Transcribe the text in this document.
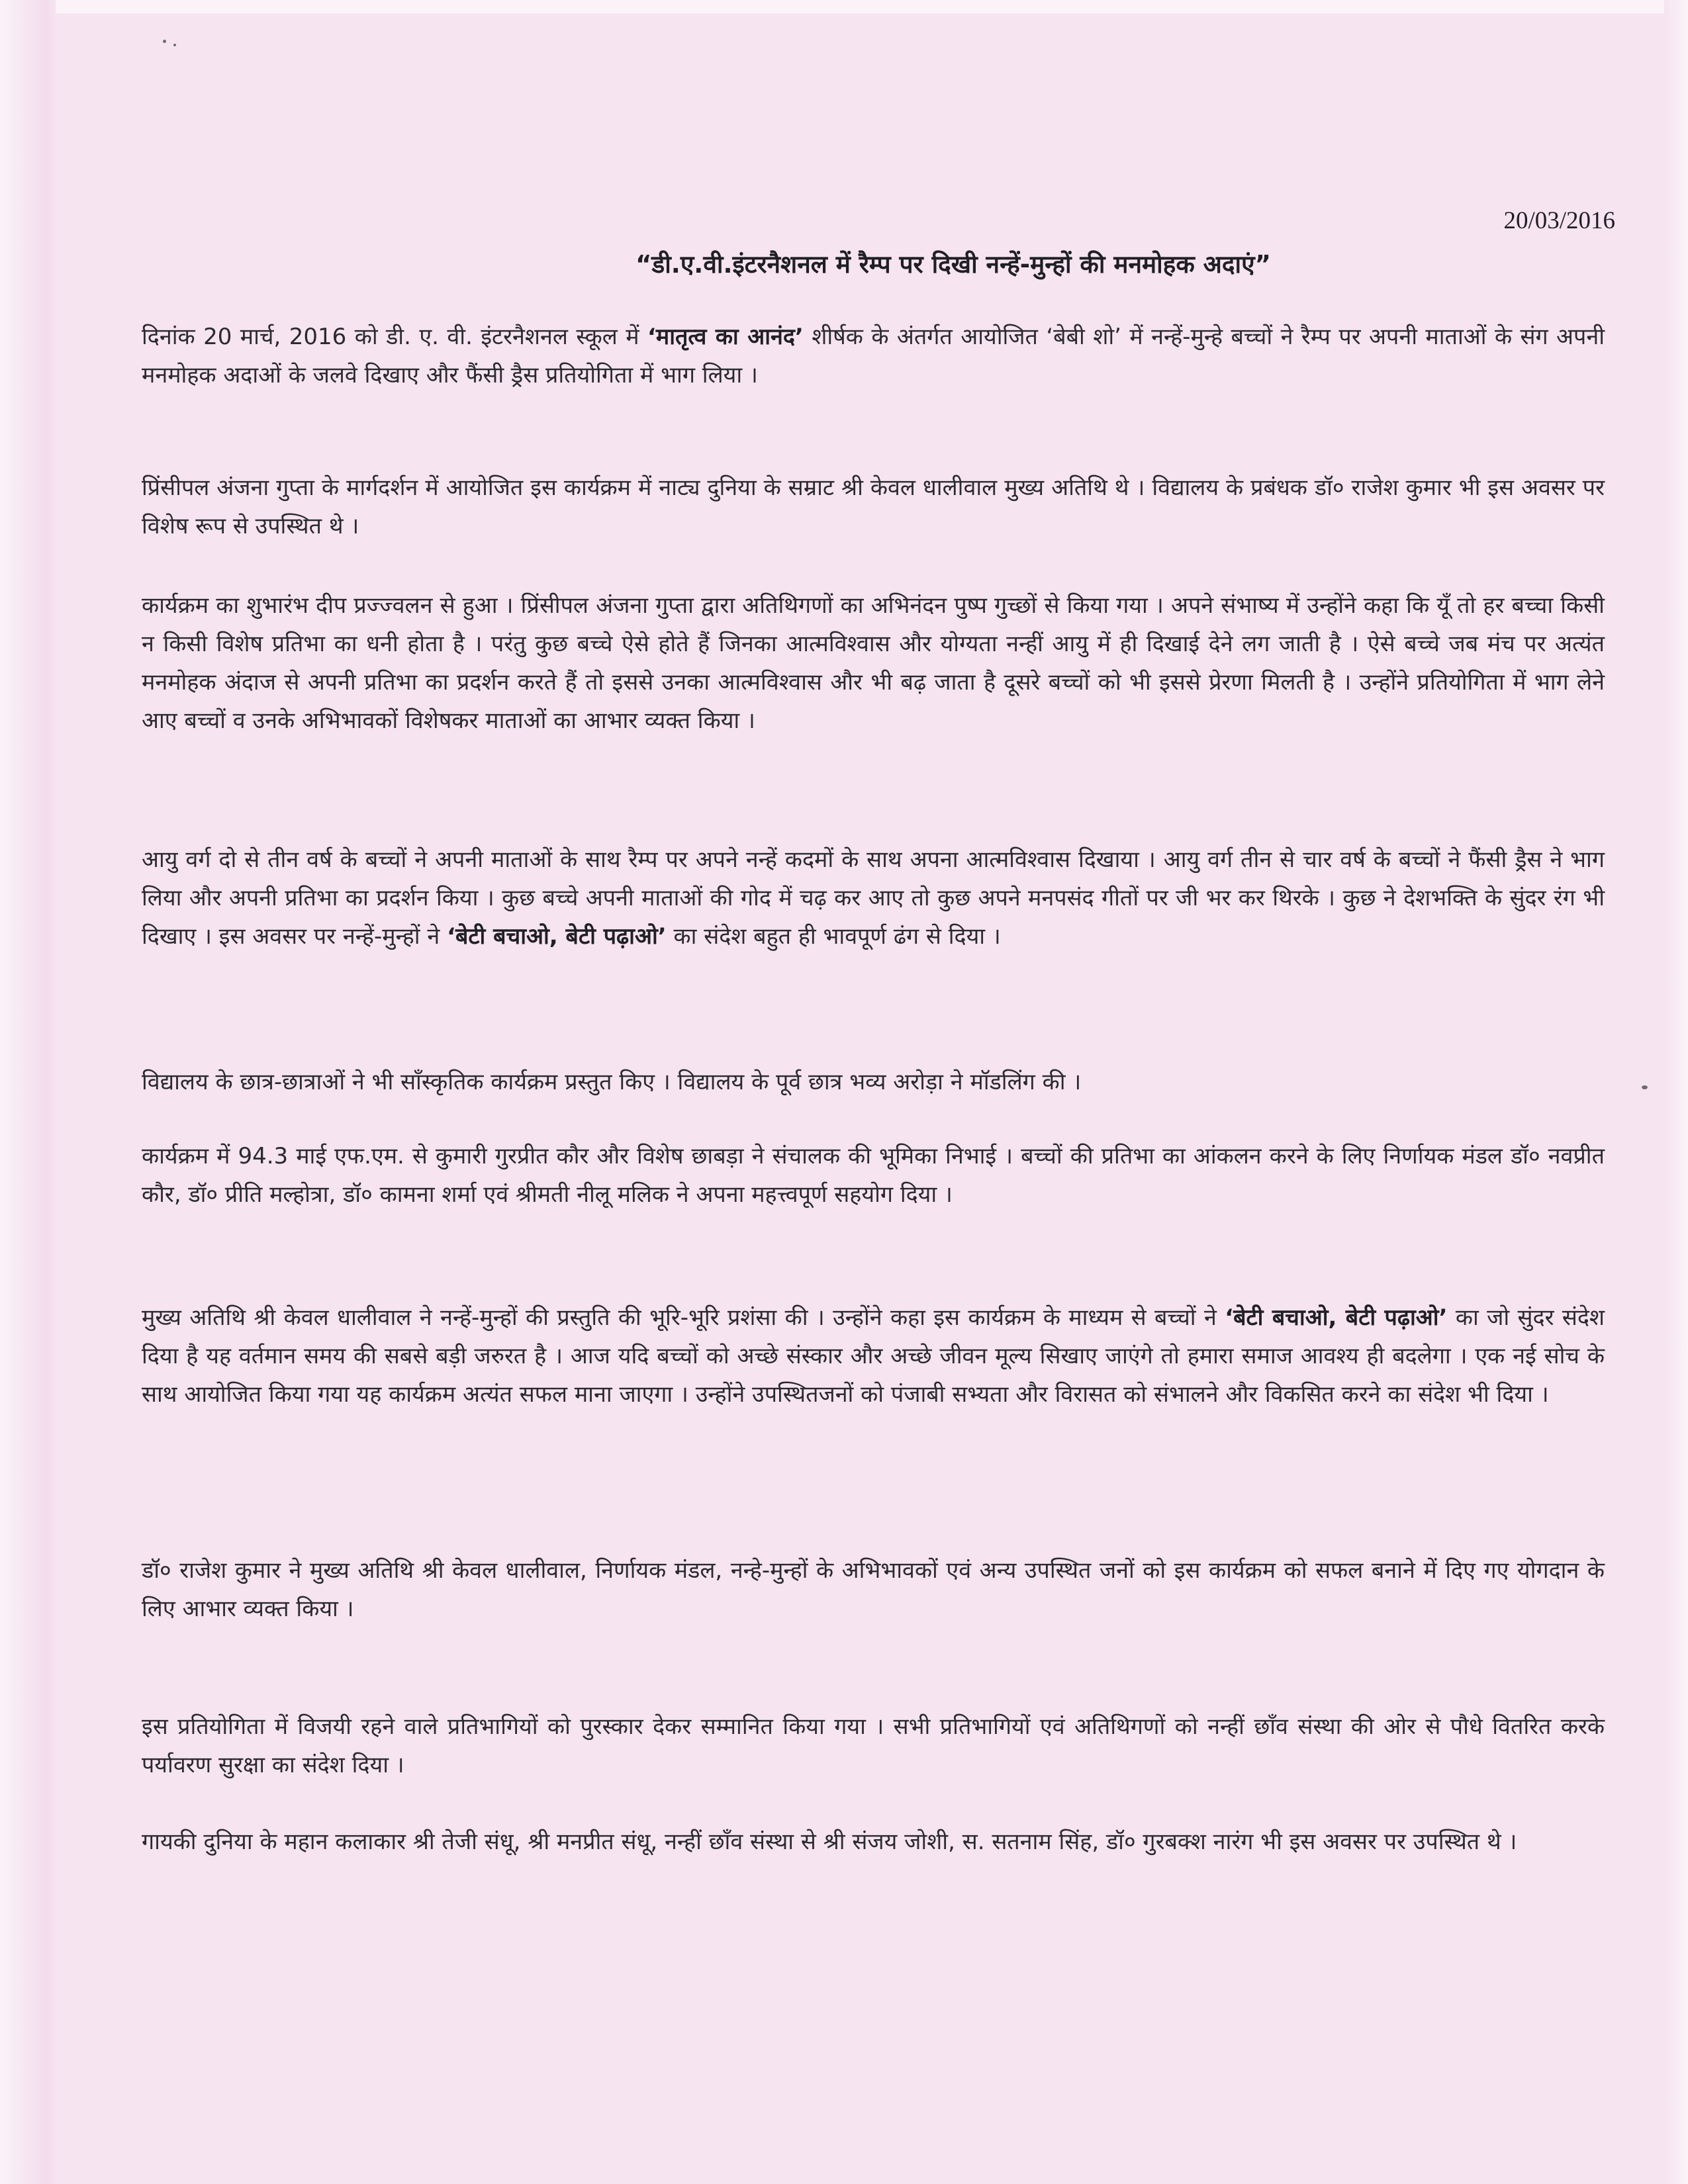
20/03/2016
“डी.ए.वी.इंटरनैशनल में रैम्प पर दिखी नन्हें-मुन्हों की मनमोहक अदाएं”

दिनांक 20 मार्च, 2016 को डी. ए. वी. इंटरनैशनल स्कूल में ‘मातृत्व का आनंद’ शीर्षक के अंतर्गत आयोजित ‘बेबी शो’ में नन्हें-मुन्हे बच्चों ने रैम्प पर अपनी माताओं के संग अपनी मनमोहक अदाओं के जलवे दिखाए और फैंसी ड्रैस प्रतियोगिता में भाग लिया ।

प्रिंसीपल अंजना गुप्ता के मार्गदर्शन में आयोजित इस कार्यक्रम में नाट्य दुनिया के सम्राट श्री केवल धालीवाल मुख्य अतिथि थे । विद्यालय के प्रबंधक डॉ० राजेश कुमार भी इस अवसर पर विशेष रूप से उपस्थित थे ।

कार्यक्रम का शुभारंभ दीप प्रज्ज्वलन से हुआ । प्रिंसीपल अंजना गुप्ता द्वारा अतिथिगणों का अभिनंदन पुष्प गुच्छों से किया गया । अपने संभाष्य में उन्होंने कहा कि यूँ तो हर बच्चा किसी न किसी विशेष प्रतिभा का धनी होता है । परंतु कुछ बच्चे ऐसे होते हैं जिनका आत्मविश्वास और योग्यता नन्हीं आयु में ही दिखाई देने लग जाती है । ऐसे बच्चे जब मंच पर अत्यंत मनमोहक अंदाज से अपनी प्रतिभा का प्रदर्शन करते हैं तो इससे उनका आत्मविश्वास और भी बढ़ जाता है दूसरे बच्चों को भी इससे प्रेरणा मिलती है । उन्होंने प्रतियोगिता में भाग लेने आए बच्चों व उनके अभिभावकों विशेषकर माताओं का आभार व्यक्त किया ।

आयु वर्ग दो से तीन वर्ष के बच्चों ने अपनी माताओं के साथ रैम्प पर अपने नन्हें कदमों के साथ अपना आत्मविश्वास दिखाया । आयु वर्ग तीन से चार वर्ष के बच्चों ने फैंसी ड्रैस ने भाग लिया और अपनी प्रतिभा का प्रदर्शन किया । कुछ बच्चे अपनी माताओं की गोद में चढ़ कर आए तो कुछ अपने मनपसंद गीतों पर जी भर कर थिरके । कुछ ने देशभक्ति के सुंदर रंग भी दिखाए । इस अवसर पर नन्हें-मुन्हों ने ‘बेटी बचाओ, बेटी पढ़ाओ’ का संदेश बहुत ही भावपूर्ण ढंग से दिया ।

विद्यालय के छात्र-छात्राओं ने भी साँस्कृतिक कार्यक्रम प्रस्तुत किए । विद्यालय के पूर्व छात्र भव्य अरोड़ा ने मॉडलिंग की ।

कार्यक्रम में 94.3 माई एफ.एम. से कुमारी गुरप्रीत कौर और विशेष छाबड़ा ने संचालक की भूमिका निभाई । बच्चों की प्रतिभा का आंकलन करने के लिए निर्णायक मंडल डॉ० नवप्रीत कौर, डॉ० प्रीति मल्होत्रा, डॉ० कामना शर्मा एवं श्रीमती नीलू मलिक ने अपना महत्त्वपूर्ण सहयोग दिया ।

मुख्य अतिथि श्री केवल धालीवाल ने नन्हें-मुन्हों की प्रस्तुति की भूरि-भूरि प्रशंसा की । उन्होंने कहा इस कार्यक्रम के माध्यम से बच्चों ने ‘बेटी बचाओ, बेटी पढ़ाओ’ का जो सुंदर संदेश दिया है यह वर्तमान समय की सबसे बड़ी जरुरत है । आज यदि बच्चों को अच्छे संस्कार और अच्छे जीवन मूल्य सिखाए जाएंगे तो हमारा समाज आवश्य ही बदलेगा । एक नई सोच के साथ आयोजित किया गया यह कार्यक्रम अत्यंत सफल माना जाएगा । उन्होंने उपस्थितजनों को पंजाबी सभ्यता और विरासत को संभालने और विकसित करने का संदेश भी दिया ।

डॉ० राजेश कुमार ने मुख्य अतिथि श्री केवल धालीवाल, निर्णायक मंडल, नन्हे-मुन्हों के अभिभावकों एवं अन्य उपस्थित जनों को इस कार्यक्रम को सफल बनाने में दिए गए योगदान के लिए आभार व्यक्त किया ।

इस प्रतियोगिता में विजयी रहने वाले प्रतिभागियों को पुरस्कार देकर सम्मानित किया गया । सभी प्रतिभागियों एवं अतिथिगणों को नन्हीं छाँव संस्था की ओर से पौधे वितरित करके पर्यावरण सुरक्षा का संदेश दिया ।

गायकी दुनिया के महान कलाकार श्री तेजी संधू, श्री मनप्रीत संधू, नन्हीं छाँव संस्था से श्री संजय जोशी, स. सतनाम सिंह, डॉ० गुरबक्श नारंग भी इस अवसर पर उपस्थित थे ।
